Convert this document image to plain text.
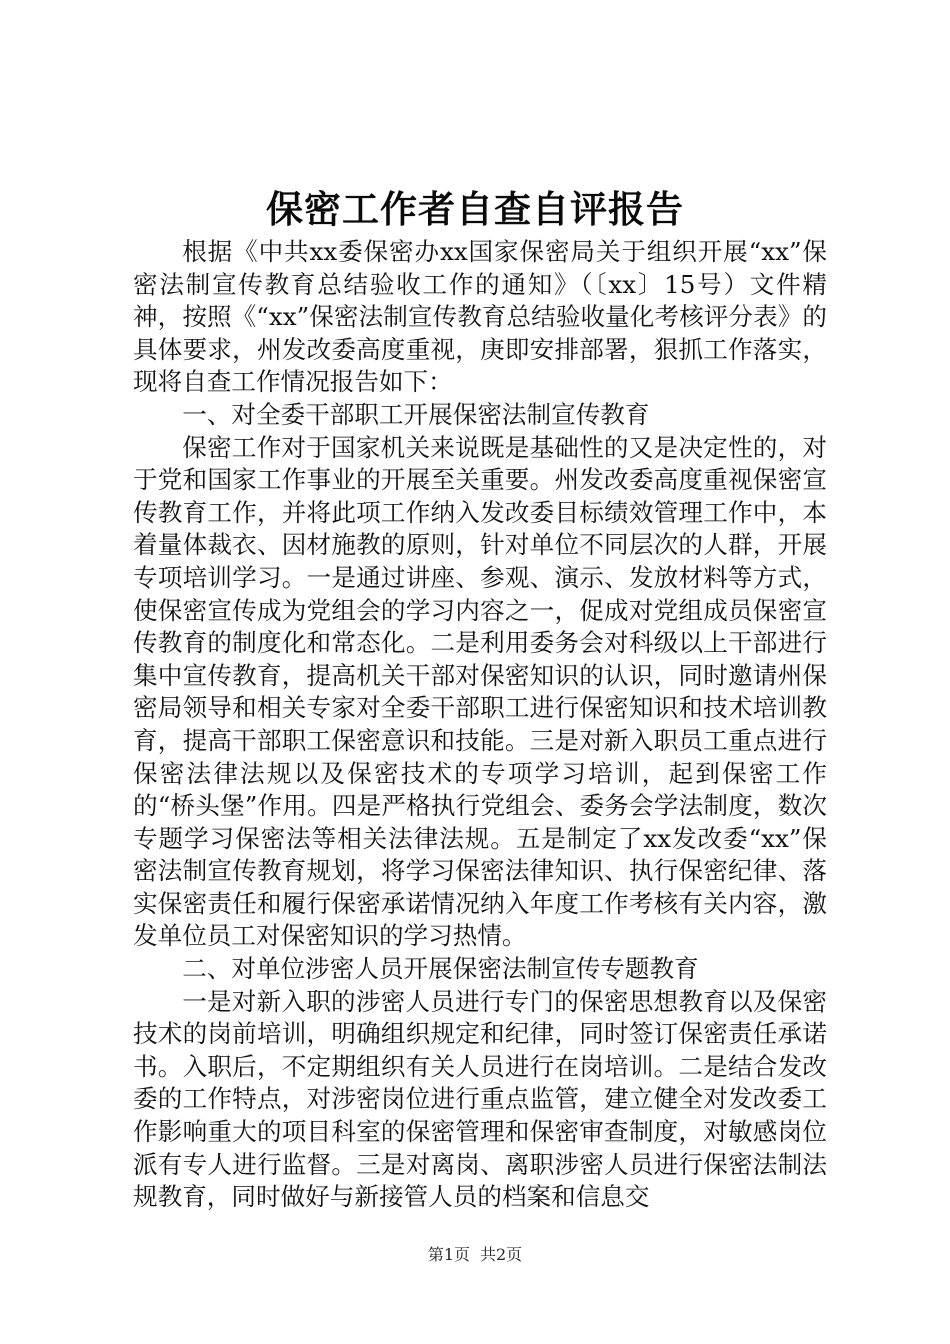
保密工作者自查自评报告

根据《中共xx委保密办xx国家保密局关于组织开展“xx”保密法制宣传教育总结验收工作的通知》（〔xx〕15号）文件精神，按照《“xx”保密法制宣传教育总结验收量化考核评分表》的具体要求，州发改委高度重视，庚即安排部署，狠抓工作落实，现将自查工作情况报告如下：

一、对全委干部职工开展保密法制宣传教育

保密工作对于国家机关来说既是基础性的又是决定性的，对于党和国家工作事业的开展至关重要。州发改委高度重视保密宣传教育工作，并将此项工作纳入发改委目标绩效管理工作中，本着量体裁衣、因材施教的原则，针对单位不同层次的人群，开展专项培训学习。一是通过讲座、参观、演示、发放材料等方式，使保密宣传成为党组会的学习内容之一，促成对党组成员保密宣传教育的制度化和常态化。二是利用委务会对科级以上干部进行集中宣传教育，提高机关干部对保密知识的认识，同时邀请州保密局领导和相关专家对全委干部职工进行保密知识和技术培训教育，提高干部职工保密意识和技能。三是对新入职员工重点进行保密法律法规以及保密技术的专项学习培训，起到保密工作的“桥头堡”作用。四是严格执行党组会、委务会学法制度，数次专题学习保密法等相关法律法规。五是制定了xx发改委“xx”保密法制宣传教育规划，将学习保密法律知识、执行保密纪律、落实保密责任和履行保密承诺情况纳入年度工作考核有关内容，激发单位员工对保密知识的学习热情。

二、对单位涉密人员开展保密法制宣传专题教育

一是对新入职的涉密人员进行专门的保密思想教育以及保密技术的岗前培训，明确组织规定和纪律，同时签订保密责任承诺书。入职后，不定期组织有关人员进行在岗培训。二是结合发改委的工作特点，对涉密岗位进行重点监管，建立健全对发改委工作影响重大的项目科室的保密管理和保密审查制度，对敏感岗位派有专人进行监督。三是对离岗、离职涉密人员进行保密法制法规教育，同时做好与新接管人员的档案和信息交

第1页 共2页
